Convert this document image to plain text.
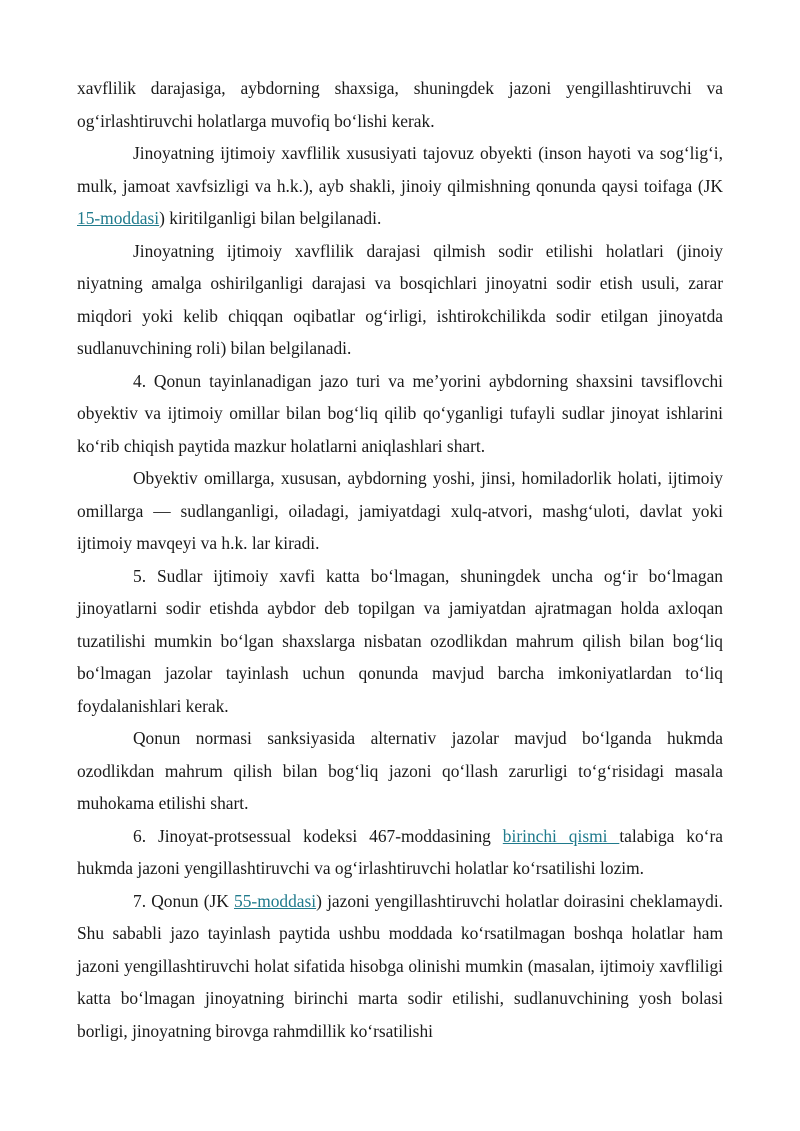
xavflilik darajasiga, aybdorning shaxsiga, shuningdek jazoni yengillashtiruvchi va og‘irlashtiruvchi holatlarga muvofiq bo‘lishi kerak.

Jinoyatning ijtimoiy xavflilik xususiyati tajovuz obyekti (inson hayoti va sog‘lig‘i, mulk, jamoat xavfsizligi va h.k.), ayb shakli, jinoiy qilmishning qonunda qaysi toifaga (JK 15-moddasi) kiritilganligi bilan belgilanadi.

Jinoyatning ijtimoiy xavflilik darajasi qilmish sodir etilishi holatlari (jinoiy niyatning amalga oshirilganligi darajasi va bosqichlari jinoyatni sodir etish usuli, zarar miqdori yoki kelib chiqqan oqibatlar og‘irligi, ishtirokchilikda sodir etilgan jinoyatda sudlanuvchining roli) bilan belgilanadi.

4. Qonun tayinlanadigan jazo turi va me’yorini aybdorning shaxsini tavsiflovchi obyektiv va ijtimoiy omillar bilan bog‘liq qilib qo‘yganligi tufayli sudlar jinoyat ishlarini ko‘rib chiqish paytida mazkur holatlarni aniqlashlari shart.

Obyektiv omillarga, xususan, aybdorning yoshi, jinsi, homiladorlik holati, ijtimoiy omillarga — sudlanganligi, oiladagi, jamiyatdagi xulq-atvori, mashg‘uloti, davlat yoki ijtimoiy mavqeyi va h.k. lar kiradi.

5. Sudlar ijtimoiy xavfi katta bo‘lmagan, shuningdek uncha og‘ir bo‘lmagan jinoyatlarni sodir etishda aybdor deb topilgan va jamiyatdan ajratmagan holda axloqan tuzatilishi mumkin bo‘lgan shaxslarga nisbatan ozodlikdan mahrum qilish bilan bog‘liq bo‘lmagan jazolar tayinlash uchun qonunda mavjud barcha imkoniyatlardan to‘liq foydalanishlari kerak.

Qonun normasi sanksiyasida alternativ jazolar mavjud bo‘lganda hukmda ozodlikdan mahrum qilish bilan bog‘liq jazoni qo‘llash zarurligi to‘g‘risidagi masala muhokama etilishi shart.

6. Jinoyat-protsessual kodeksi 467-moddasining birinchi qismi talabiga ko‘ra hukmda jazoni yengillashtiruvchi va og‘irlashtiruvchi holatlar ko‘rsatilishi lozim.

7. Qonun (JK 55-moddasi) jazoni yengillashtiruvchi holatlar doirasini cheklamaydi. Shu sababli jazo tayinlash paytida ushbu moddada ko‘rsatilmagan boshqa holatlar ham jazoni yengillashtiruvchi holat sifatida hisobga olinishi mumkin (masalan, ijtimoiy xavfliligi katta bo‘lmagan jinoyatning birinchi marta sodir etilishi, sudlanuvchining yosh bolasi borligi, jinoyatning birovga rahmdillik ko‘rsatilishi
